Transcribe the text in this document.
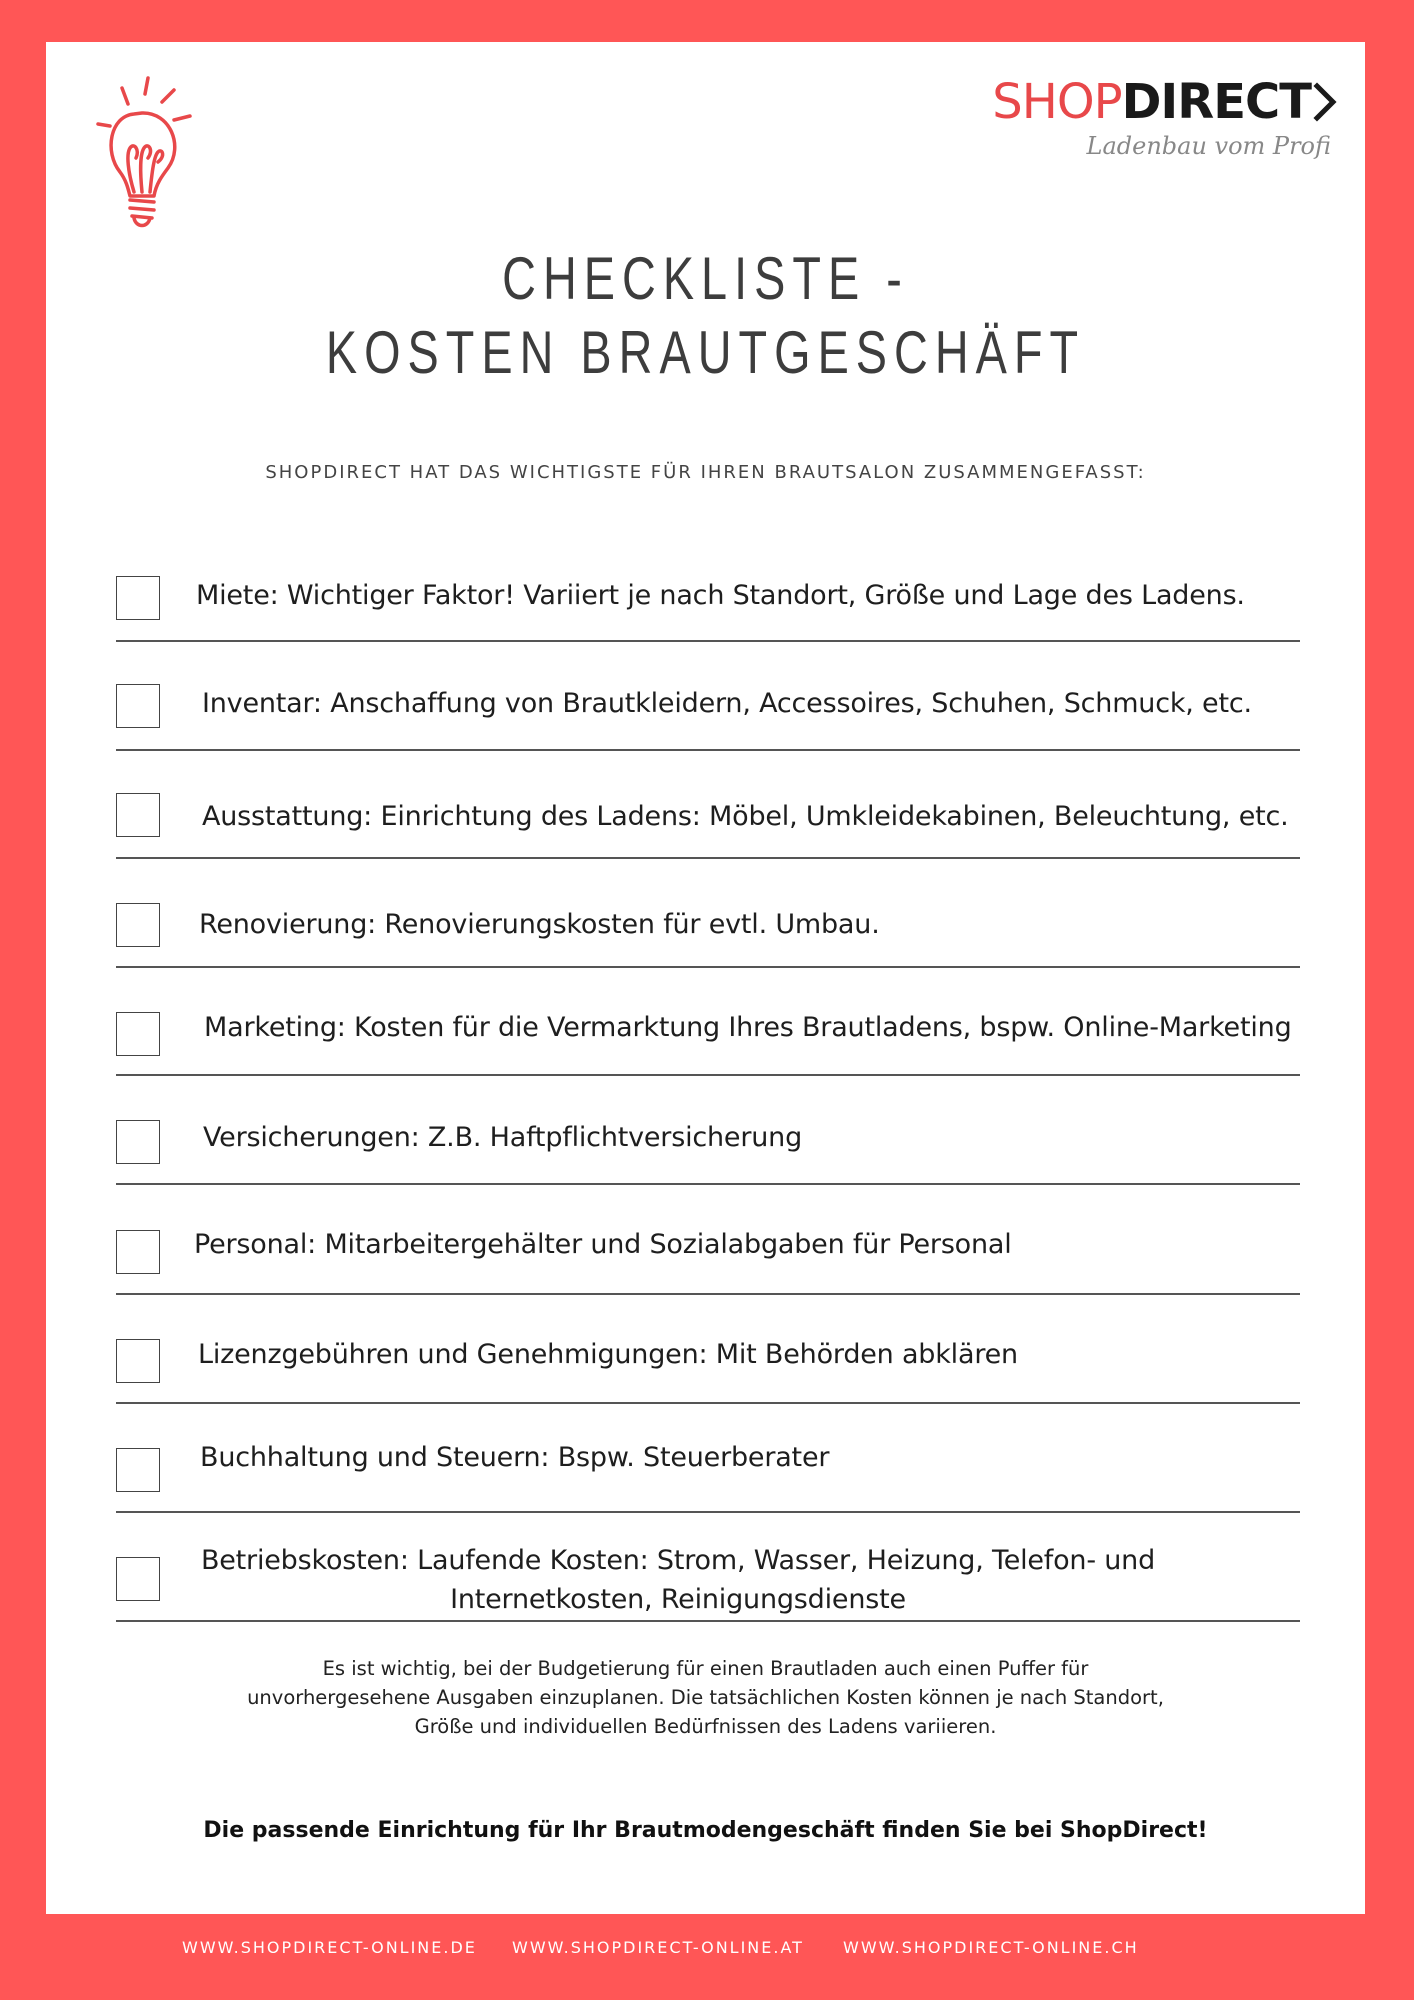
SHOPDIRECT
Ladenbau vom Profi
CHECKLISTE -
KOSTEN BRAUTGESCHÄFT
SHOPDIRECT HAT DAS WICHTIGSTE FÜR IHREN BRAUTSALON ZUSAMMENGEFASST:
Miete: Wichtiger Faktor! Variiert je nach Standort, Größe und Lage des Ladens.
Inventar: Anschaffung von Brautkleidern, Accessoires, Schuhen, Schmuck, etc.
Ausstattung: Einrichtung des Ladens: Möbel, Umkleidekabinen, Beleuchtung, etc.
Renovierung: Renovierungskosten für evtl. Umbau.
Marketing: Kosten für die Vermarktung Ihres Brautladens, bspw. Online-Marketing
Versicherungen: Z.B. Haftpflichtversicherung
Personal: Mitarbeitergehälter und Sozialabgaben für Personal
Lizenzgebühren und Genehmigungen: Mit Behörden abklären
Buchhaltung und Steuern: Bspw. Steuerberater
Betriebskosten: Laufende Kosten: Strom, Wasser, Heizung, Telefon- und Internetkosten, Reinigungsdienste
Es ist wichtig, bei der Budgetierung für einen Brautladen auch einen Puffer für unvorhergesehene Ausgaben einzuplanen. Die tatsächlichen Kosten können je nach Standort, Größe und individuellen Bedürfnissen des Ladens variieren.
Die passende Einrichtung für Ihr Brautmodengeschäft finden Sie bei ShopDirect!
WWW.SHOPDIRECT-ONLINE.DE WWW.SHOPDIRECT-ONLINE.AT WWW.SHOPDIRECT-ONLINE.CH
